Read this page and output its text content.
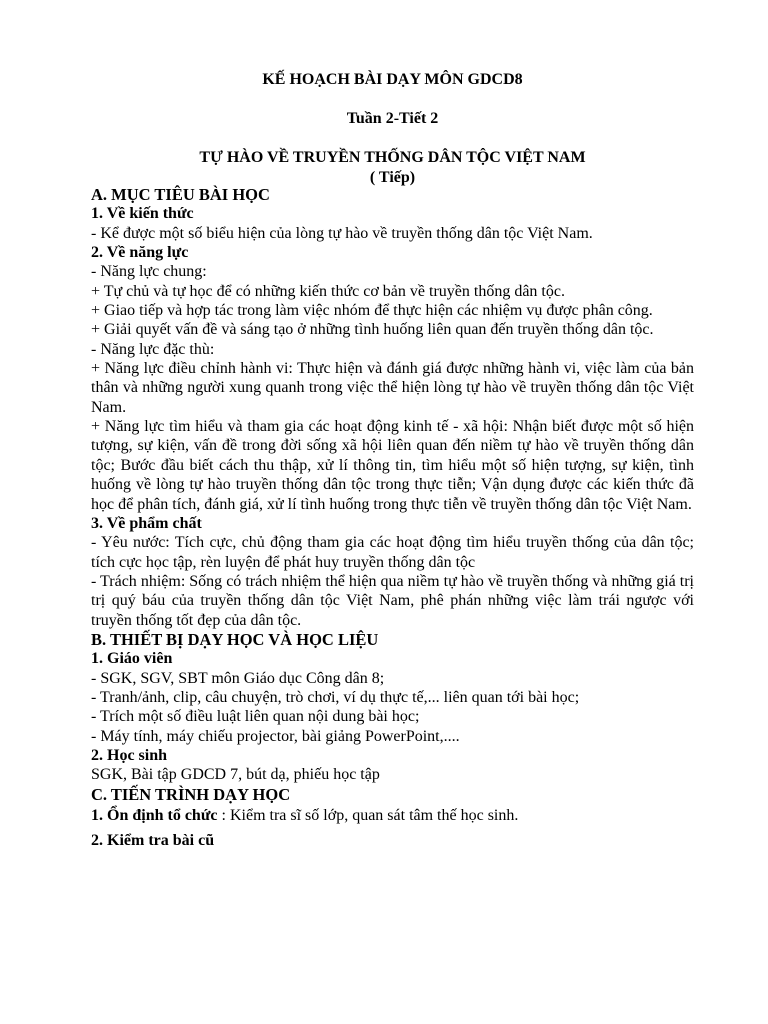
KẾ HOẠCH BÀI DẠY MÔN GDCD8
Tuần 2-Tiết 2
TỰ HÀO VỀ TRUYỀN THỐNG DÂN TỘC VIỆT NAM
( Tiếp)

A. MỤC TIÊU BÀI HỌC

1. Về kiến thức

- Kể được một số biểu hiện của lòng tự hào về truyền thống dân tộc Việt Nam.

2. Về năng lực

- Năng lực chung:

+ Tự chủ và tự học để có những kiến thức cơ bản về truyền thống dân tộc.

+ Giao tiếp và hợp tác trong làm việc nhóm để thực hiện các nhiệm vụ được phân công.

+ Giải quyết vấn đề và sáng tạo ở những tình huống liên quan đến truyền thống dân tộc.

- Năng lực đặc thù:

+ Năng lực điều chỉnh hành vi: Thực hiện và đánh giá được những hành vi, việc làm của bản thân và những người xung quanh trong việc thể hiện lòng tự hào về truyền thống dân tộc Việt Nam.

+ Năng lực tìm hiểu và tham gia các hoạt động kinh tế - xã hội: Nhận biết được một số hiện tượng, sự kiện, vấn đề trong đời sống xã hội liên quan đến niềm tự hào về truyền thống dân tộc; Bước đầu biết cách thu thập, xử lí thông tin, tìm hiểu một số hiện tượng, sự kiện, tình huống về lòng tự hào truyền thống dân tộc trong thực tiễn; Vận dụng được các kiến thức đã học để phân tích, đánh giá, xử lí tình huống trong thực tiễn về truyền thống dân tộc Việt Nam.

3. Về phẩm chất

- Yêu nước: Tích cực, chủ động tham gia các hoạt động tìm hiểu truyền thống của dân tộc; tích cực học tập, rèn luyện để phát huy truyền thống dân tộc

- Trách nhiệm: Sống có trách nhiệm thể hiện qua niềm tự hào về truyền thống và những giá trị trị quý báu của truyền thống dân tộc Việt Nam, phê phán những việc làm trái ngược với truyền thống tốt đẹp của dân tộc.

B. THIẾT BỊ DẠY HỌC VÀ HỌC LIỆU

1. Giáo viên

- SGK, SGV, SBT môn Giáo dục Công dân 8;

- Tranh/ảnh, clip, câu chuyện, trò chơi, ví dụ thực tế,... liên quan tới bài học;

- Trích một số điều luật liên quan nội dung bài học;

- Máy tính, máy chiếu projector, bài giảng PowerPoint,....

2. Học sinh

SGK, Bài tập GDCD 7, bút dạ, phiếu học tập

C. TIẾN TRÌNH DẠY HỌC

1. Ổn định tổ chức : Kiểm tra sĩ số lớp, quan sát tâm thế học sinh.

2. Kiểm tra bài cũ
